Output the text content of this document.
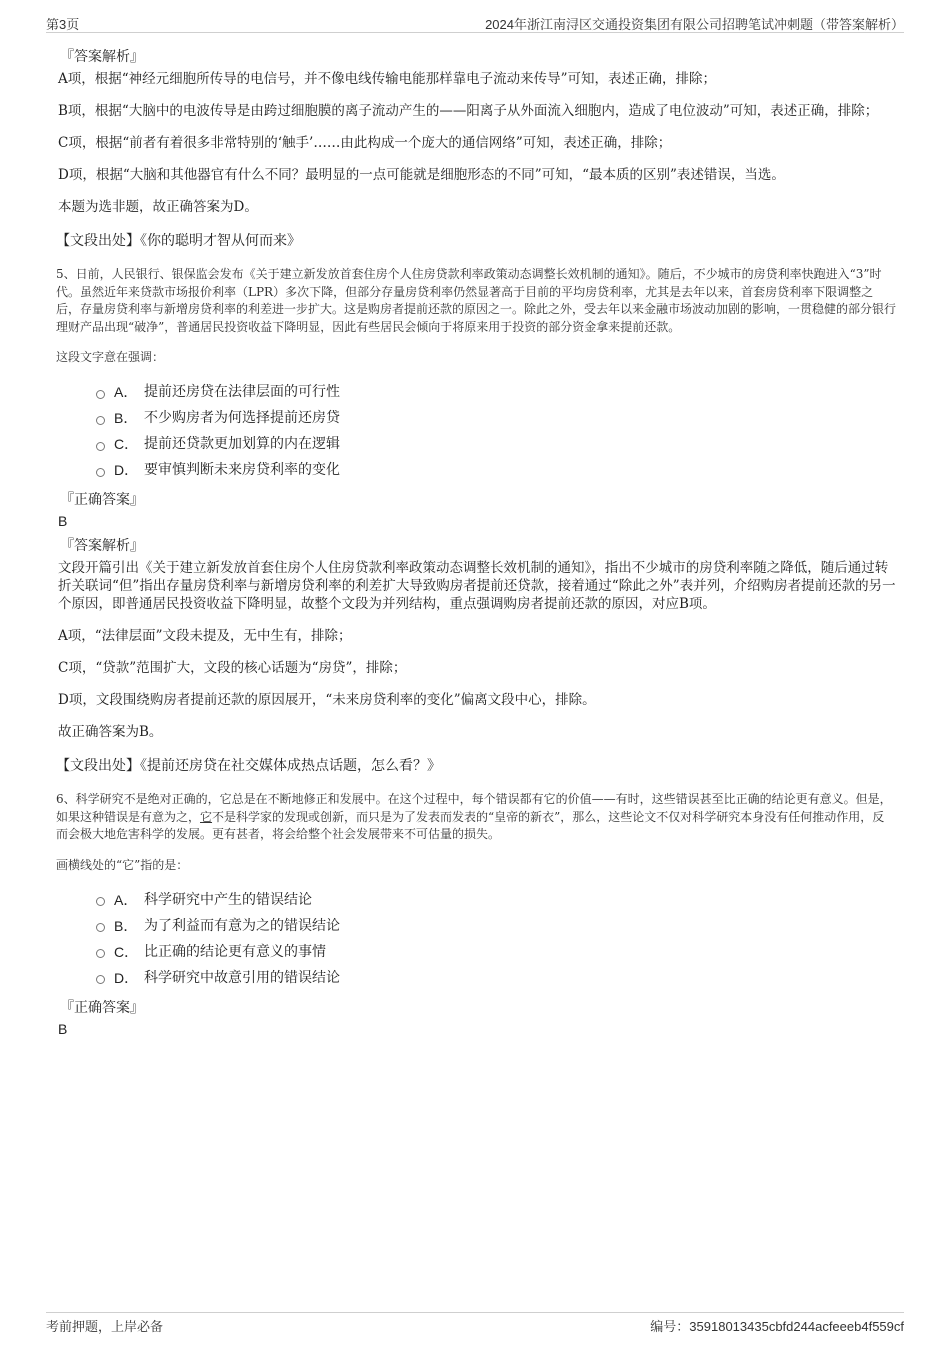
第3页	2024年浙江南浔区交通投资集团有限公司招聘笔试冲刺题（带答案解析）
『答案解析』

A项，根据“神经元细胞所传导的电信号，并不像电线传输电能那样靠电子流动来传导”可知，表述正确，排除；

B项，根据“大脑中的电波传导是由跨过细胞膜的离子流动产生的——阳离子从外面流入细胞内，造成了电位波动”可知，表述正确，排除；

C项，根据“前者有着很多非常特别的‘触手’……由此构成一个庞大的通信网络”可知，表述正确，排除；

D项，根据“大脑和其他器官有什么不同？最明显的一点可能就是细胞形态的不同”可知，“最本质的区别”表述错误，当选。

本题为选非题，故正确答案为D。

【文段出处】《你的聪明才智从何而来》

5、日前，人民银行、银保监会发布《关于建立新发放首套住房个人住房贷款利率政策动态调整长效机制的通知》。随后，不少城市的房贷利率快跑进入“3”时代。虽然近年来贷款市场报价利率（LPR）多次下降，但部分存量房贷利率仍然显著高于目前的平均房贷利率，尤其是去年以来，首套房贷利率下限调整之后，存量房贷利率与新增房贷利率的利差进一步扩大。这是购房者提前还款的原因之一。除此之外，受去年以来金融市场波动加剧的影响，一贯稳健的部分银行理财产品出现“破净”，普通居民投资收益下降明显，因此有些居民会倾向于将原来用于投资的部分资金拿来提前还款。

这段文字意在强调：

A． 提前还房贷在法律层面的可行性
B． 不少购房者为何选择提前还房贷
C． 提前还贷款更加划算的内在逻辑
D． 要审慎判断未来房贷利率的变化
『正确答案』
B
『答案解析』

文段开篇引出《关于建立新发放首套住房个人住房贷款利率政策动态调整长效机制的通知》，指出不少城市的房贷利率随之降低，随后通过转折关联词“但”指出存量房贷利率与新增房贷利率的利差扩大导致购房者提前还贷款，接着通过“除此之外”表并列，介绍购房者提前还款的另一个原因，即普通居民投资收益下降明显，故整个文段为并列结构，重点强调购房者提前还款的原因，对应B项。

A项，“法律层面”文段未提及，无中生有，排除；

C项，“贷款”范围扩大，文段的核心话题为“房贷”，排除；

D项，文段围绕购房者提前还款的原因展开，“未来房贷利率的变化”偏离文段中心，排除。

故正确答案为B。

【文段出处】《提前还房贷在社交媒体成热点话题，怎么看？》

6、科学研究不是绝对正确的，它总是在不断地修正和发展中。在这个过程中，每个错误都有它的价值——有时，这些错误甚至比正确的结论更有意义。但是，如果这种错误是有意为之，它不是科学家的发现或创新，而只是为了发表而发表的“皇帝的新衣”，那么，这些论文不仅对科学研究本身没有任何推动作用，反而会极大地危害科学的发展。更有甚者，将会给整个社会发展带来不可估量的损失。

画横线处的“它”指的是：

A． 科学研究中产生的错误结论
B． 为了利益而有意为之的错误结论
C． 比正确的结论更有意义的事情
D． 科学研究中故意引用的错误结论
『正确答案』
B
考前押题，上岸必备	编号：35918013435cbfd244acfeeeb4f559cf
